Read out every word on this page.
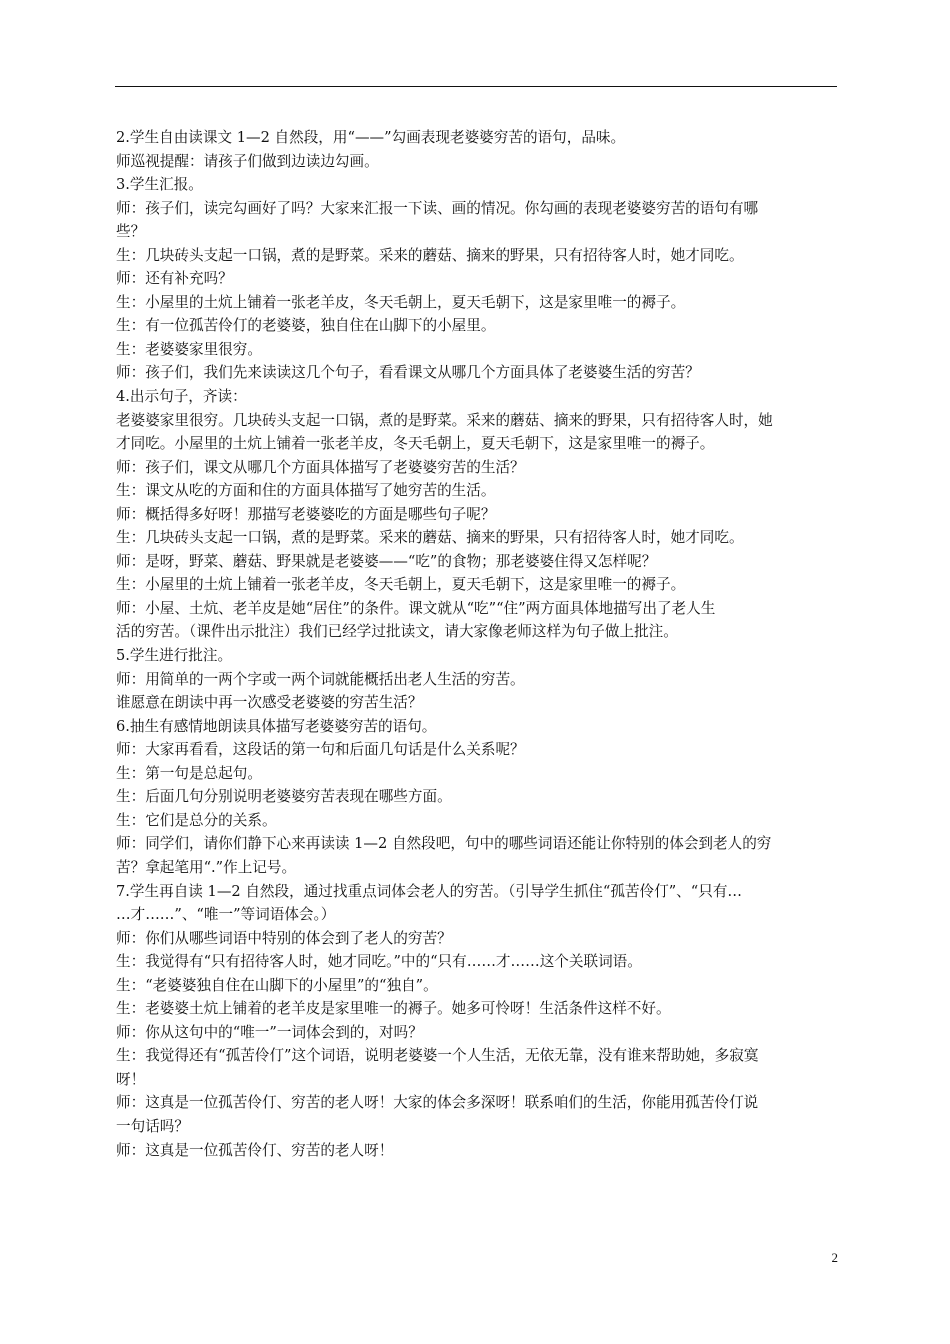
2.学生自由读课文 1—2 自然段，用“——”勾画表现老婆婆穷苦的语句，品味。
师巡视提醒：请孩子们做到边读边勾画。
3.学生汇报。
师：孩子们，读完勾画好了吗？大家来汇报一下读、画的情况。你勾画的表现老婆婆穷苦的语句有哪
些？
生：几块砖头支起一口锅，煮的是野菜。采来的蘑菇、摘来的野果，只有招待客人时，她才同吃。
师：还有补充吗？
生：小屋里的土炕上铺着一张老羊皮，冬天毛朝上，夏天毛朝下，这是家里唯一的褥子。
生：有一位孤苦伶仃的老婆婆，独自住在山脚下的小屋里。
生：老婆婆家里很穷。
师：孩子们，我们先来读读这几个句子，看看课文从哪几个方面具体了老婆婆生活的穷苦？
4.出示句子，齐读：
老婆婆家里很穷。几块砖头支起一口锅，煮的是野菜。采来的蘑菇、摘来的野果，只有招待客人时，她
才同吃。小屋里的土炕上铺着一张老羊皮，冬天毛朝上，夏天毛朝下，这是家里唯一的褥子。
师：孩子们，课文从哪几个方面具体描写了老婆婆穷苦的生活？
生：课文从吃的方面和住的方面具体描写了她穷苦的生活。
师：概括得多好呀！那描写老婆婆吃的方面是哪些句子呢？
生：几块砖头支起一口锅，煮的是野菜。采来的蘑菇、摘来的野果，只有招待客人时，她才同吃。
师：是呀，野菜、蘑菇、野果就是老婆婆——“吃”的食物；那老婆婆住得又怎样呢？
生：小屋里的土炕上铺着一张老羊皮，冬天毛朝上，夏天毛朝下，这是家里唯一的褥子。
师：小屋、土炕、老羊皮是她“居住”的条件。课文就从“吃”“住”两方面具体地描写出了老人生
活的穷苦。（课件出示批注）我们已经学过批读文，请大家像老师这样为句子做上批注。
5.学生进行批注。
师：用简单的一两个字或一两个词就能概括出老人生活的穷苦。
谁愿意在朗读中再一次感受老婆婆的穷苦生活？
6.抽生有感情地朗读具体描写老婆婆穷苦的语句。
师：大家再看看，这段话的第一句和后面几句话是什么关系呢？
生：第一句是总起句。
生：后面几句分别说明老婆婆穷苦表现在哪些方面。
生：它们是总分的关系。
师：同学们，请你们静下心来再读读 1—2 自然段吧，句中的哪些词语还能让你特别的体会到老人的穷
苦？拿起笔用“.”作上记号。
7.学生再自读 1—2 自然段，通过找重点词体会老人的穷苦。（引导学生抓住“孤苦伶仃”、“只有…
…才……”、“唯一”等词语体会。）
师：你们从哪些词语中特别的体会到了老人的穷苦？
生：我觉得有“只有招待客人时，她才同吃。”中的“只有……才……这个关联词语。
生：“老婆婆独自住在山脚下的小屋里”的“独自”。
生：老婆婆土炕上铺着的老羊皮是家里唯一的褥子。她多可怜呀！生活条件这样不好。
师：你从这句中的“唯一”一词体会到的，对吗？
生：我觉得还有“孤苦伶仃”这个词语，说明老婆婆一个人生活，无依无靠，没有谁来帮助她，多寂寞
呀！
师：这真是一位孤苦伶仃、穷苦的老人呀！大家的体会多深呀！联系咱们的生活，你能用孤苦伶仃说
一句话吗？
师：这真是一位孤苦伶仃、穷苦的老人呀！
2
